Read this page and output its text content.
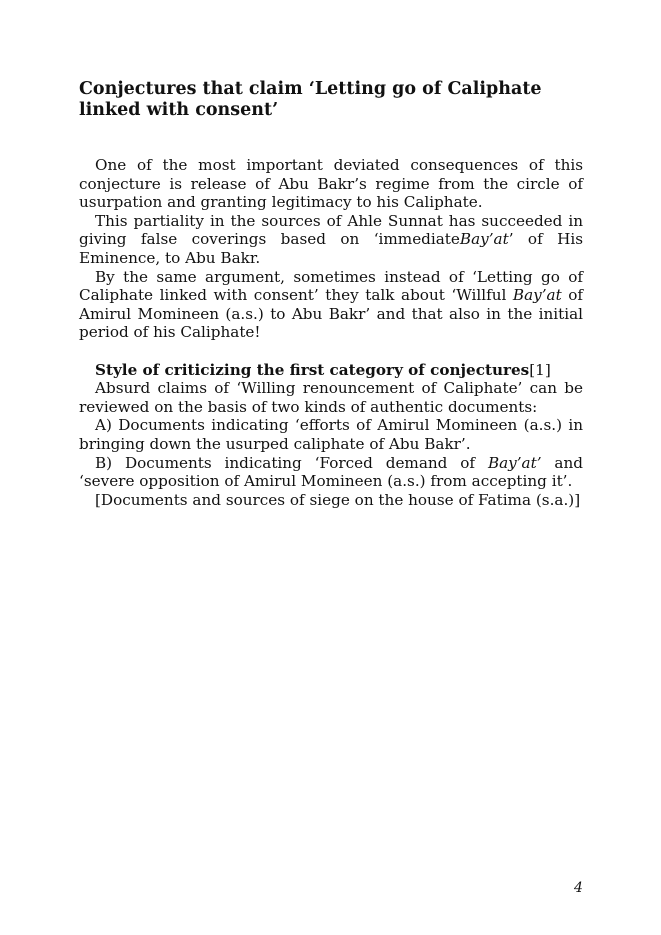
Conjectures that claim ‘Letting go of Caliphate
linked with consent’

One of the most important deviated consequences of this conjecture is release of Abu Bakr’s regime from the circle of usurpation and granting legitimacy to his Caliphate.

This partiality in the sources of Ahle Sunnat has succeeded in giving false coverings based on ‘immediateBay’at’ of His Eminence, to Abu Bakr.

By the same argument, sometimes instead of ‘Letting go of Caliphate linked with consent’ they talk about ‘Willful Bay’at of Amirul Momineen (a.s.) to Abu Bakr’ and that also in the initial period of his Caliphate!

Style of criticizing the first category of conjectures[1]

Absurd claims of ‘Willing renouncement of Caliphate’ can be reviewed on the basis of two kinds of authentic documents:

A) Documents indicating ‘efforts of Amirul Momineen (a.s.) in bringing down the usurped caliphate of Abu Bakr’.

B) Documents indicating ‘Forced demand of Bay’at’ and ‘severe opposition of Amirul Momineen (a.s.) from accepting it’.

[Documents and sources of siege on the house of Fatima (s.a.)]

4
